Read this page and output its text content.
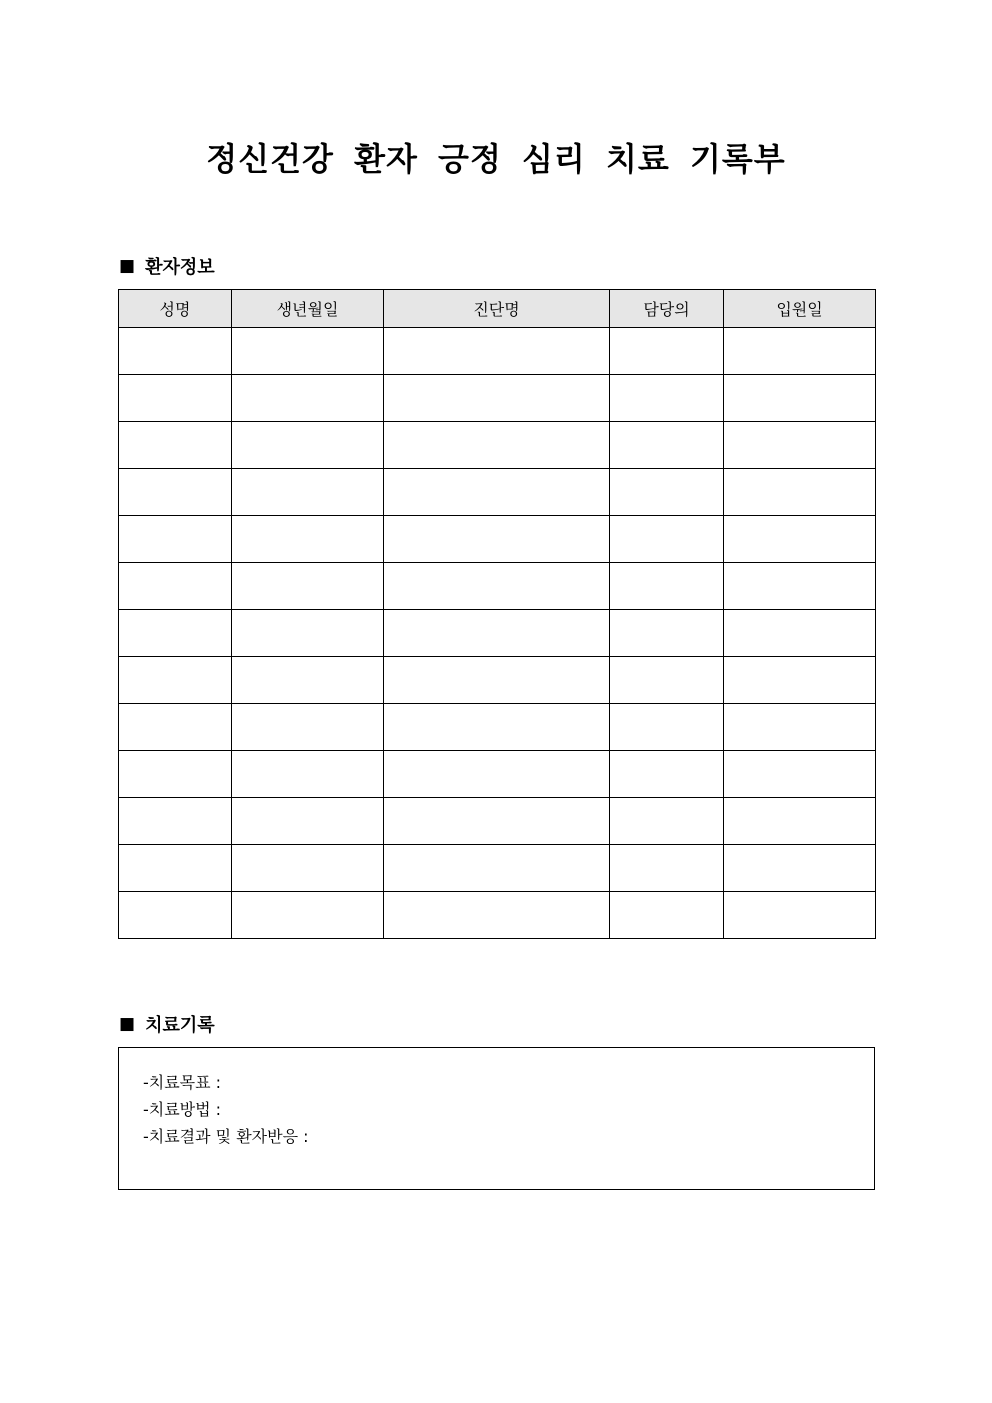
정신건강 환자 긍정 심리 치료 기록부
■ 환자정보
성명	생년월일	진단명	담당의	입원일

■ 치료기록
-치료목표 :
-치료방법 :
-치료결과 및 환자반응 :
